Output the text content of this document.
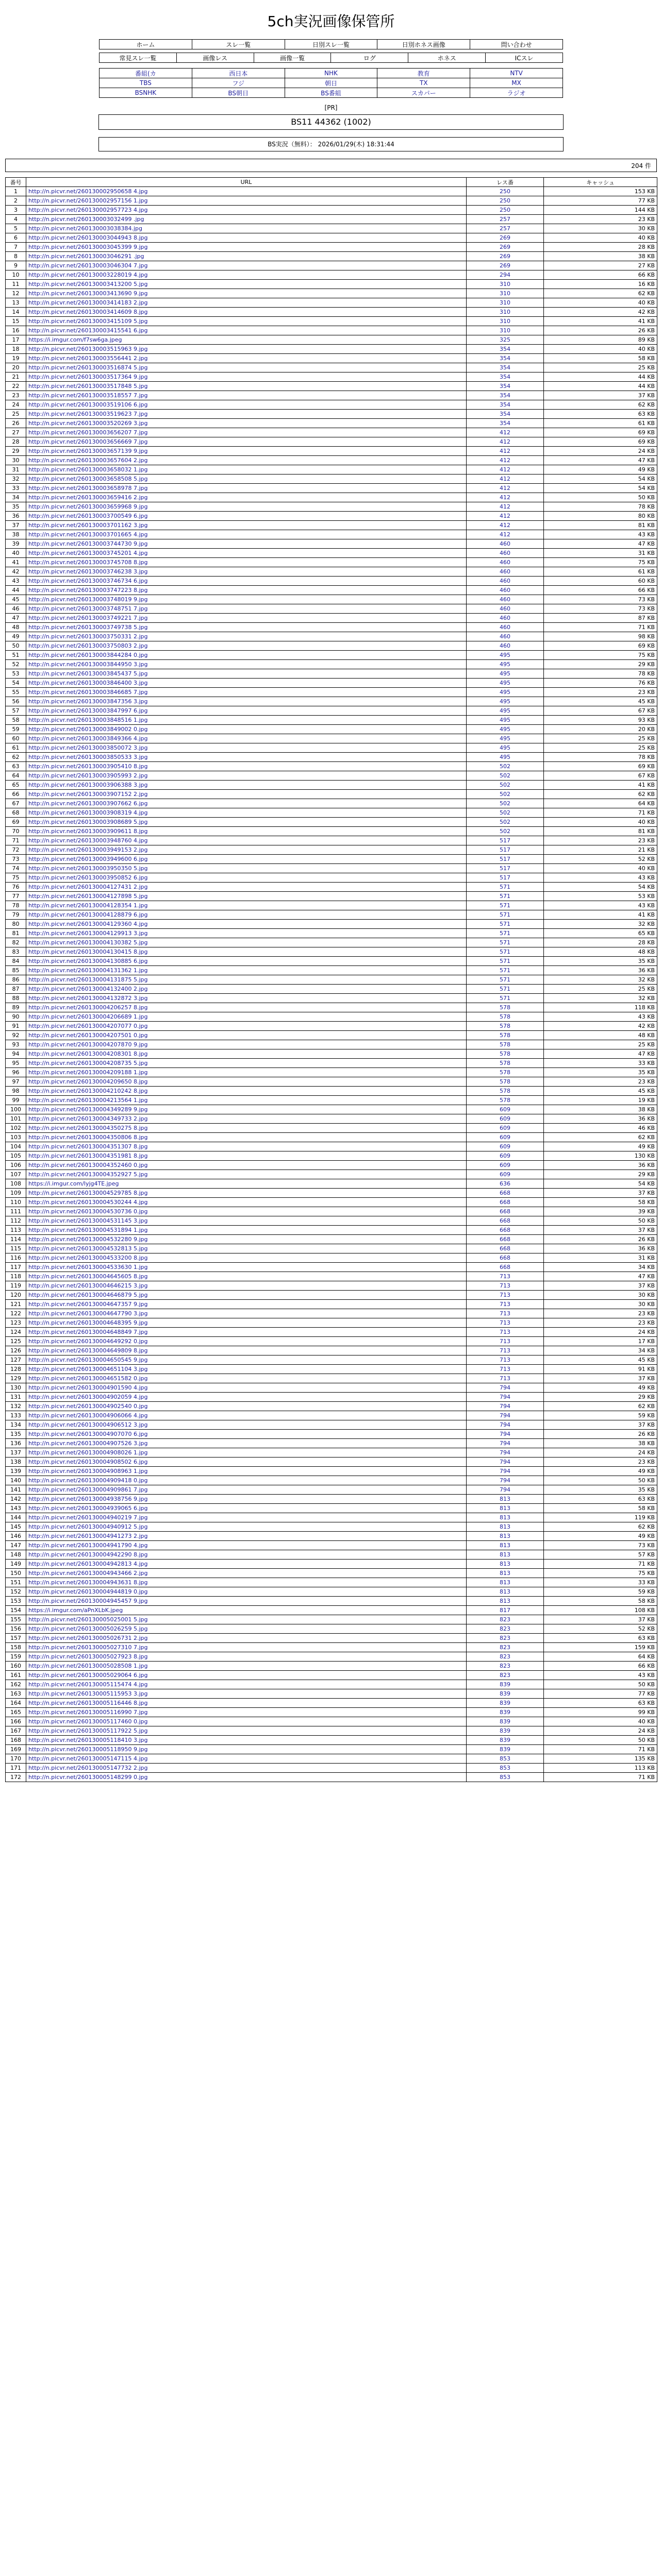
5ch実況画像保管所
ホーム	スレ一覧	日別スレ一覧	日別ホネス画像	問い合わせ
常見スレ一覧	画像レス	画像一覧	ログ	ホネス	ICスレ
番組(カ	西日本	NHK	教育	NTV
TBS	フジ	朝日	TX	MX
BSNHK	BS朝日	BS番組	スカパー	ラジオ
[PR]
BS11 44362 (1002)
BS実況（無料）： 2026/01/29(木) 18:31:44
204 件
番号	URL	レス番	キャッシュ
1	http://n.picvr.net/260130002950658 4.jpg	250	153 KB
2	http://n.picvr.net/260130002957156 1.jpg	250	77 KB
3	http://n.picvr.net/260130002957723 4.jpg	250	144 KB
4	http://n.picvr.net/260130003032499 .jpg	257	23 KB
5	http://n.picvr.net/260130003038384.jpg	257	30 KB
6	http://n.picvr.net/260130003044943 8.jpg	269	40 KB
7	http://n.picvr.net/260130003045399 9.jpg	269	28 KB
8	http://n.picvr.net/260130003046291 .jpg	269	38 KB
9	http://n.picvr.net/260130003046304 7.jpg	269	27 KB
10	http://n.picvr.net/260130003228019 4.jpg	294	66 KB
11	http://n.picvr.net/260130003413200 5.jpg	310	16 KB
12	http://n.picvr.net/260130003413690 9.jpg	310	62 KB
13	http://n.picvr.net/260130003414183 2.jpg	310	40 KB
14	http://n.picvr.net/260130003414609 8.jpg	310	42 KB
15	http://n.picvr.net/260130003415109 5.jpg	310	41 KB
16	http://n.picvr.net/260130003415541 6.jpg	310	26 KB
17	https://i.imgur.com/f7sw6ga.jpeg	325	89 KB
18	http://n.picvr.net/260130003515963 9.jpg	354	40 KB
19	http://n.picvr.net/260130003556441 2.jpg	354	58 KB
20	http://n.picvr.net/260130003516874 5.jpg	354	25 KB
21	http://n.picvr.net/260130003517364 9.jpg	354	44 KB
22	http://n.picvr.net/260130003517848 5.jpg	354	44 KB
23	http://n.picvr.net/260130003518557 7.jpg	354	37 KB
24	http://n.picvr.net/260130003519106 6.jpg	354	62 KB
25	http://n.picvr.net/260130003519623 7.jpg	354	63 KB
26	http://n.picvr.net/260130003520269 3.jpg	354	61 KB
27	http://n.picvr.net/260130003656207 7.jpg	412	69 KB
28	http://n.picvr.net/260130003656669 7.jpg	412	69 KB
29	http://n.picvr.net/260130003657139 9.jpg	412	24 KB
30	http://n.picvr.net/260130003657604 2.jpg	412	47 KB
31	http://n.picvr.net/260130003658032 1.jpg	412	49 KB
32	http://n.picvr.net/260130003658508 5.jpg	412	54 KB
33	http://n.picvr.net/260130003658978 7.jpg	412	54 KB
34	http://n.picvr.net/260130003659416 2.jpg	412	50 KB
35	http://n.picvr.net/260130003659968 9.jpg	412	78 KB
36	http://n.picvr.net/260130003700549 6.jpg	412	80 KB
37	http://n.picvr.net/260130003701162 3.jpg	412	81 KB
38	http://n.picvr.net/260130003701665 4.jpg	412	43 KB
39	http://n.picvr.net/260130003744730 9.jpg	460	47 KB
40	http://n.picvr.net/260130003745201 4.jpg	460	31 KB
41	http://n.picvr.net/260130003745708 8.jpg	460	75 KB
42	http://n.picvr.net/260130003746238 3.jpg	460	61 KB
43	http://n.picvr.net/260130003746734 6.jpg	460	60 KB
44	http://n.picvr.net/260130003747223 8.jpg	460	66 KB
45	http://n.picvr.net/260130003748019 9.jpg	460	73 KB
46	http://n.picvr.net/260130003748751 7.jpg	460	73 KB
47	http://n.picvr.net/260130003749221 7.jpg	460	87 KB
48	http://n.picvr.net/260130003749738 5.jpg	460	71 KB
49	http://n.picvr.net/260130003750331 2.jpg	460	98 KB
50	http://n.picvr.net/260130003750803 2.jpg	460	69 KB
51	http://n.picvr.net/260130003844284 0.jpg	495	75 KB
52	http://n.picvr.net/260130003844950 3.jpg	495	29 KB
53	http://n.picvr.net/260130003845437 5.jpg	495	78 KB
54	http://n.picvr.net/260130003846400 3.jpg	495	76 KB
55	http://n.picvr.net/260130003846685 7.jpg	495	23 KB
56	http://n.picvr.net/260130003847356 3.jpg	495	45 KB
57	http://n.picvr.net/260130003847997 6.jpg	495	67 KB
58	http://n.picvr.net/260130003848516 1.jpg	495	93 KB
59	http://n.picvr.net/260130003849002 0.jpg	495	20 KB
60	http://n.picvr.net/260130003849366 4.jpg	495	25 KB
61	http://n.picvr.net/260130003850072 3.jpg	495	25 KB
62	http://n.picvr.net/260130003850533 3.jpg	495	78 KB
63	http://n.picvr.net/260130003905410 8.jpg	502	69 KB
64	http://n.picvr.net/260130003905993 2.jpg	502	67 KB
65	http://n.picvr.net/260130003906388 3.jpg	502	41 KB
66	http://n.picvr.net/260130003907152 2.jpg	502	62 KB
67	http://n.picvr.net/260130003907662 6.jpg	502	64 KB
68	http://n.picvr.net/260130003908319 4.jpg	502	71 KB
69	http://n.picvr.net/260130003908689 5.jpg	502	40 KB
70	http://n.picvr.net/260130003909611 8.jpg	502	81 KB
71	http://n.picvr.net/260130003948760 4.jpg	517	23 KB
72	http://n.picvr.net/260130003949153 2.jpg	517	21 KB
73	http://n.picvr.net/260130003949600 6.jpg	517	52 KB
74	http://n.picvr.net/260130003950350 5.jpg	517	40 KB
75	http://n.picvr.net/260130003950852 6.jpg	517	43 KB
76	http://n.picvr.net/260130004127431 2.jpg	571	54 KB
77	http://n.picvr.net/260130004127898 5.jpg	571	53 KB
78	http://n.picvr.net/260130004128354 1.jpg	571	43 KB
79	http://n.picvr.net/260130004128879 6.jpg	571	41 KB
80	http://n.picvr.net/260130004129360 4.jpg	571	32 KB
81	http://n.picvr.net/260130004129913 3.jpg	571	65 KB
82	http://n.picvr.net/260130004130382 5.jpg	571	28 KB
83	http://n.picvr.net/260130004130415 8.jpg	571	48 KB
84	http://n.picvr.net/260130004130885 6.jpg	571	35 KB
85	http://n.picvr.net/260130004131362 1.jpg	571	36 KB
86	http://n.picvr.net/260130004131875 5.jpg	571	32 KB
87	http://n.picvr.net/260130004132400 2.jpg	571	25 KB
88	http://n.picvr.net/260130004132872 3.jpg	571	32 KB
89	http://n.picvr.net/260130004206257 8.jpg	578	118 KB
90	http://n.picvr.net/260130004206689 1.jpg	578	43 KB
91	http://n.picvr.net/260130004207077 0.jpg	578	42 KB
92	http://n.picvr.net/260130004207501 0.jpg	578	48 KB
93	http://n.picvr.net/260130004207870 9.jpg	578	25 KB
94	http://n.picvr.net/260130004208301 8.jpg	578	47 KB
95	http://n.picvr.net/260130004208735 5.jpg	578	33 KB
96	http://n.picvr.net/260130004209188 1.jpg	578	35 KB
97	http://n.picvr.net/260130004209650 8.jpg	578	23 KB
98	http://n.picvr.net/260130004210242 8.jpg	578	45 KB
99	http://n.picvr.net/260130004213564 1.jpg	578	19 KB
100	http://n.picvr.net/260130004349289 9.jpg	609	38 KB
101	http://n.picvr.net/260130004349733 2.jpg	609	36 KB
102	http://n.picvr.net/260130004350275 8.jpg	609	46 KB
103	http://n.picvr.net/260130004350806 8.jpg	609	62 KB
104	http://n.picvr.net/260130004351307 8.jpg	609	49 KB
105	http://n.picvr.net/260130004351981 8.jpg	609	130 KB
106	http://n.picvr.net/260130004352460 0.jpg	609	36 KB
107	http://n.picvr.net/260130004352927 5.jpg	609	29 KB
108	https://i.imgur.com/lyjg4TE.jpeg	636	54 KB
109	http://n.picvr.net/260130004529785 8.jpg	668	37 KB
110	http://n.picvr.net/260130004530244 4.jpg	668	58 KB
111	http://n.picvr.net/260130004530736 0.jpg	668	39 KB
112	http://n.picvr.net/260130004531145 3.jpg	668	50 KB
113	http://n.picvr.net/260130004531894 1.jpg	668	37 KB
114	http://n.picvr.net/260130004532280 9.jpg	668	26 KB
115	http://n.picvr.net/260130004532813 5.jpg	668	36 KB
116	http://n.picvr.net/260130004533200 8.jpg	668	31 KB
117	http://n.picvr.net/260130004533630 1.jpg	668	34 KB
118	http://n.picvr.net/260130004645605 8.jpg	713	47 KB
119	http://n.picvr.net/260130004646215 3.jpg	713	37 KB
120	http://n.picvr.net/260130004646879 5.jpg	713	30 KB
121	http://n.picvr.net/260130004647357 9.jpg	713	30 KB
122	http://n.picvr.net/260130004647790 3.jpg	713	23 KB
123	http://n.picvr.net/260130004648395 9.jpg	713	23 KB
124	http://n.picvr.net/260130004648849 7.jpg	713	24 KB
125	http://n.picvr.net/260130004649292 0.jpg	713	17 KB
126	http://n.picvr.net/260130004649809 8.jpg	713	34 KB
127	http://n.picvr.net/260130004650545 9.jpg	713	45 KB
128	http://n.picvr.net/260130004651104 3.jpg	713	91 KB
129	http://n.picvr.net/260130004651582 0.jpg	713	37 KB
130	http://n.picvr.net/260130004901590 4.jpg	794	49 KB
131	http://n.picvr.net/260130004902059 4.jpg	794	29 KB
132	http://n.picvr.net/260130004902540 0.jpg	794	62 KB
133	http://n.picvr.net/260130004906066 4.jpg	794	59 KB
134	http://n.picvr.net/260130004906512 3.jpg	794	37 KB
135	http://n.picvr.net/260130004907070 6.jpg	794	26 KB
136	http://n.picvr.net/260130004907526 3.jpg	794	38 KB
137	http://n.picvr.net/260130004908026 1.jpg	794	24 KB
138	http://n.picvr.net/260130004908502 6.jpg	794	23 KB
139	http://n.picvr.net/260130004908963 1.jpg	794	49 KB
140	http://n.picvr.net/260130004909418 0.jpg	794	50 KB
141	http://n.picvr.net/260130004909861 7.jpg	794	35 KB
142	http://n.picvr.net/260130004938756 9.jpg	813	63 KB
143	http://n.picvr.net/260130004939065 6.jpg	813	58 KB
144	http://n.picvr.net/260130004940219 7.jpg	813	119 KB
145	http://n.picvr.net/260130004940912 5.jpg	813	62 KB
146	http://n.picvr.net/260130004941273 2.jpg	813	49 KB
147	http://n.picvr.net/260130004941790 4.jpg	813	73 KB
148	http://n.picvr.net/260130004942290 8.jpg	813	57 KB
149	http://n.picvr.net/260130004942813 4.jpg	813	71 KB
150	http://n.picvr.net/260130004943466 2.jpg	813	75 KB
151	http://n.picvr.net/260130004943631 8.jpg	813	33 KB
152	http://n.picvr.net/260130004944819 0.jpg	813	59 KB
153	http://n.picvr.net/260130004945457 9.jpg	813	58 KB
154	https://i.imgur.com/aPnXLbK.jpeg	817	108 KB
155	http://n.picvr.net/260130005025001 5.jpg	823	37 KB
156	http://n.picvr.net/260130005026259 5.jpg	823	52 KB
157	http://n.picvr.net/260130005026731 2.jpg	823	63 KB
158	http://n.picvr.net/260130005027310 7.jpg	823	159 KB
159	http://n.picvr.net/260130005027923 8.jpg	823	64 KB
160	http://n.picvr.net/260130005028508 1.jpg	823	66 KB
161	http://n.picvr.net/260130005029064 6.jpg	823	43 KB
162	http://n.picvr.net/260130005115474 4.jpg	839	50 KB
163	http://n.picvr.net/260130005115953 3.jpg	839	77 KB
164	http://n.picvr.net/260130005116446 8.jpg	839	63 KB
165	http://n.picvr.net/260130005116990 7.jpg	839	99 KB
166	http://n.picvr.net/260130005117460 0.jpg	839	40 KB
167	http://n.picvr.net/260130005117922 5.jpg	839	24 KB
168	http://n.picvr.net/260130005118410 3.jpg	839	50 KB
169	http://n.picvr.net/260130005118950 9.jpg	839	71 KB
170	http://n.picvr.net/260130005147115 4.jpg	853	135 KB
171	http://n.picvr.net/260130005147732 2.jpg	853	113 KB
172	http://n.picvr.net/260130005148299 0.jpg	853	71 KB
